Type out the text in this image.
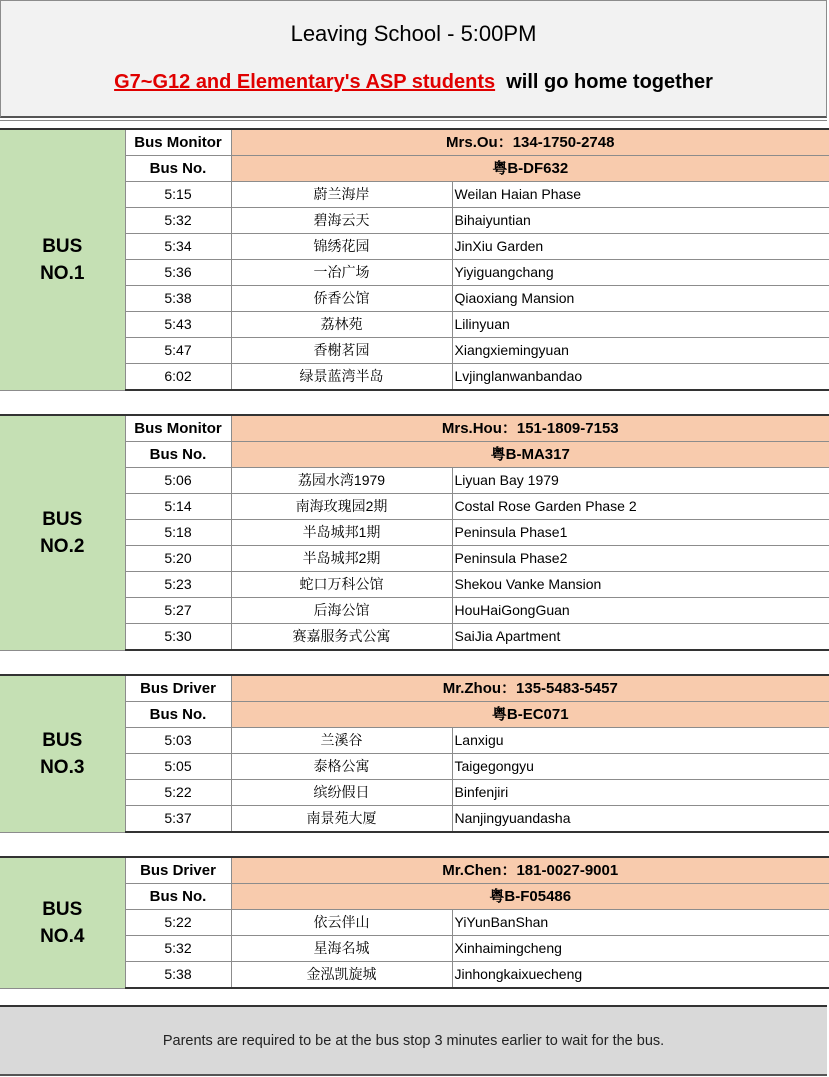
Leaving School - 5:00PM
G7~G12 and Elementary's ASP students will go home together
BUS
NO.1	Bus Monitor	Mrs.Ou：134-1750-2748	
	Bus No.	粤B-DF632	
	5:15	蔚兰海岸	Weilan Haian Phase
	5:32	碧海云天	Bihaiyuntian
	5:34	锦绣花园	JinXiu Garden
	5:36	一冶广场	Yiyiguangchang
	5:38	侨香公馆	Qiaoxiang Mansion
	5:43	荔林苑	Lilinyuan
	5:47	香榭茗园	Xiangxiemingyuan
	6:02	绿景蓝湾半岛	Lvjinglanwanbandao
BUS
NO.2	Bus Monitor	Mrs.Hou：151-1809-7153	
	Bus No.	粤B-MA317	
	5:06	荔园水湾1979	Liyuan Bay 1979
	5:14	南海玫瑰园2期	Costal Rose Garden Phase 2
	5:18	半岛城邦1期	Peninsula Phase1
	5:20	半岛城邦2期	Peninsula Phase2
	5:23	蛇口万科公馆	Shekou Vanke Mansion
	5:27	后海公馆	HouHaiGongGuan
	5:30	赛嘉服务式公寓	SaiJia Apartment
BUS
NO.3	Bus Driver	Mr.Zhou：135-5483-5457	
	Bus No.	粤B-EC071	
	5:03	兰溪谷	Lanxigu
	5:05	泰格公寓	Taigegongyu
	5:22	缤纷假日	Binfenjiri
	5:37	南景苑大厦	Nanjingyuandasha
BUS
NO.4	Bus Driver	Mr.Chen：181-0027-9001	
	Bus No.	粤B-F05486	
	5:22	依云伴山	YiYunBanShan
	5:32	星海名城	Xinhaimingcheng
	5:38	金泓凯旋城	Jinhongkaixuecheng
Parents are required to be at the bus stop 3 minutes earlier to wait for the bus.
